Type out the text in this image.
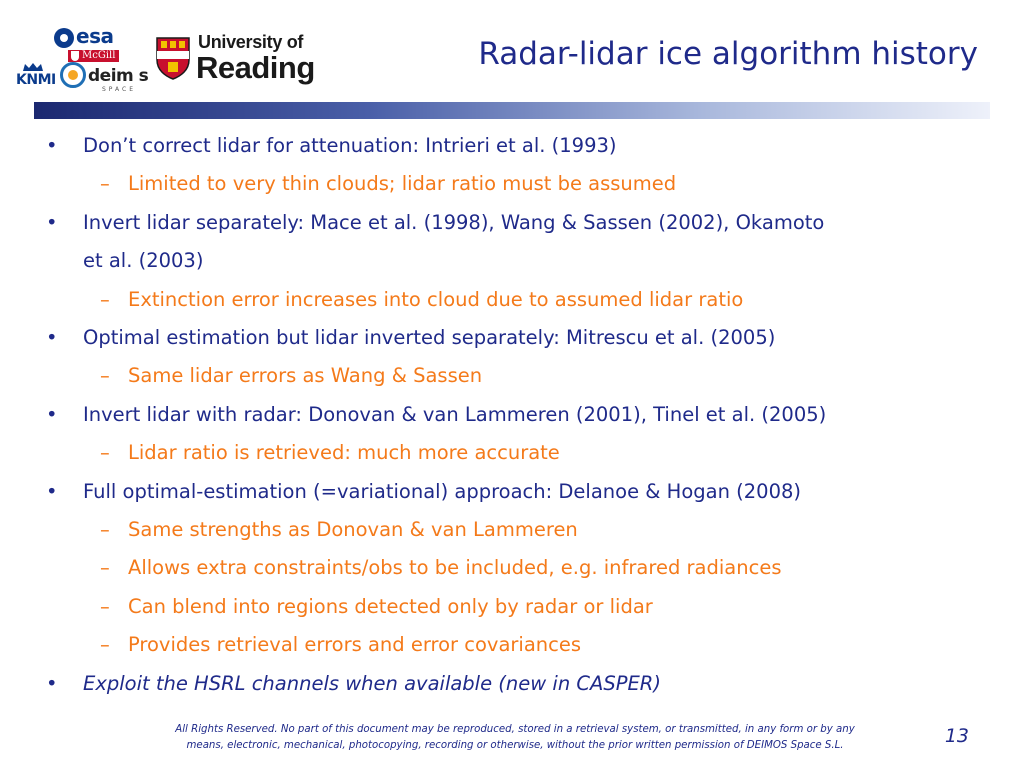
esa
McGill
KNMI deim s
SPACE
University of
Reading	Radar-lidar ice algorithm history
• Don’t correct lidar for attenuation: Intrieri et al. (1993)
– Limited to very thin clouds; lidar ratio must be assumed
• Invert lidar separately: Mace et al. (1998), Wang & Sassen (2002), Okamoto
et al. (2003)
– Extinction error increases into cloud due to assumed lidar ratio
• Optimal estimation but lidar inverted separately: Mitrescu et al. (2005)
– Same lidar errors as Wang & Sassen
• Invert lidar with radar: Donovan & van Lammeren (2001), Tinel et al. (2005)
– Lidar ratio is retrieved: much more accurate
• Full optimal-estimation (=variational) approach: Delanoe & Hogan (2008)
– Same strengths as Donovan & van Lammeren
– Allows extra constraints/obs to be included, e.g. infrared radiances
– Can blend into regions detected only by radar or lidar
– Provides retrieval errors and error covariances
• Exploit the HSRL channels when available (new in CASPER)
All Rights Reserved. No part of this document may be reproduced, stored in a retrieval system, or transmitted, in any form or by any
means, electronic, mechanical, photocopying, recording or otherwise, without the prior written permission of DEIMOS Space S.L.	13
